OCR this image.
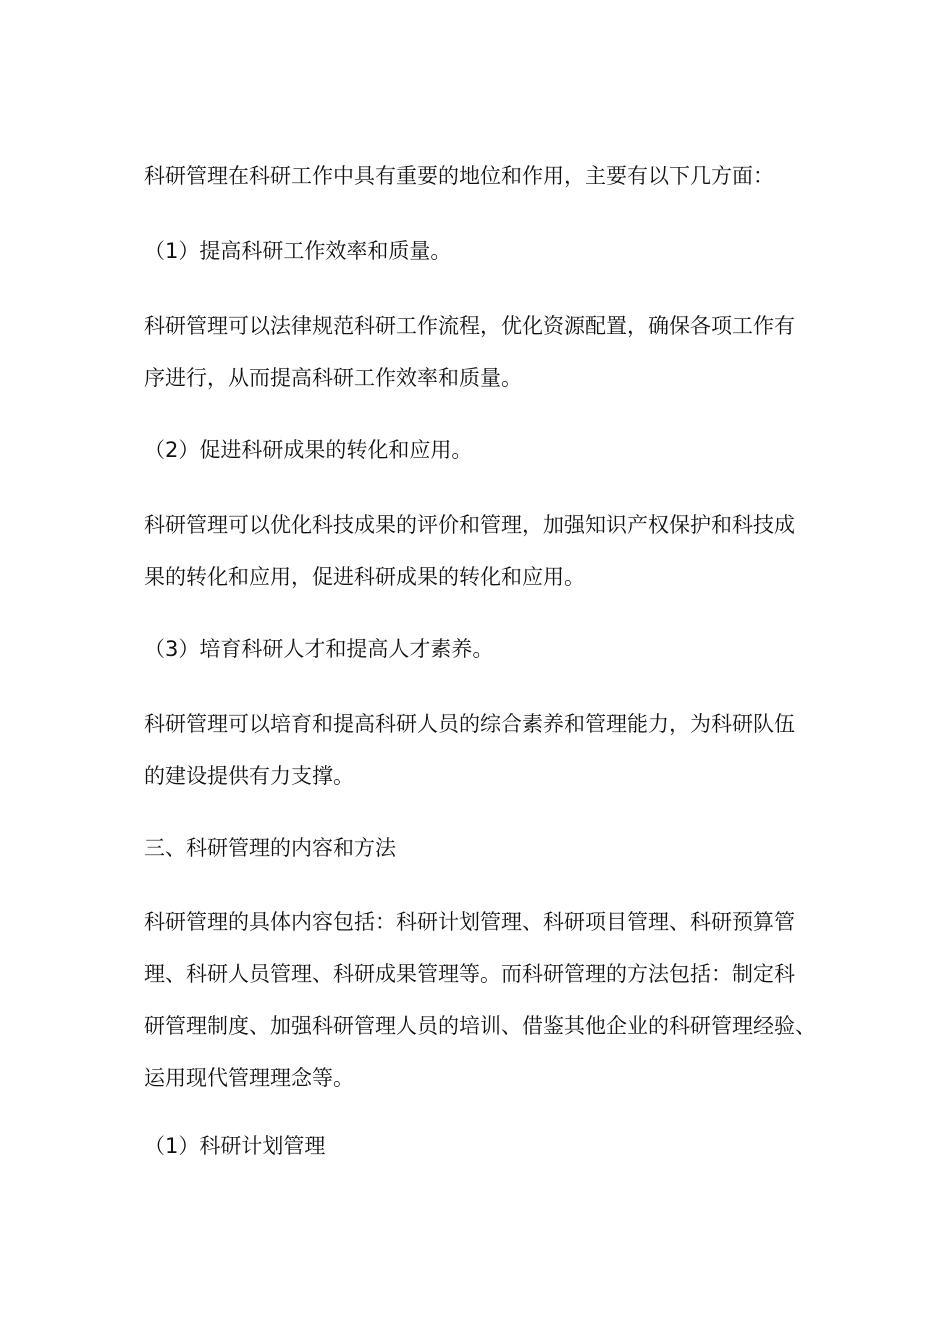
科研管理在科研工作中具有重要的地位和作用，主要有以下几方面：
（1）提高科研工作效率和质量。
科研管理可以法律规范科研工作流程，优化资源配置，确保各项工作有
序进行，从而提高科研工作效率和质量。
（2）促进科研成果的转化和应用。
科研管理可以优化科技成果的评价和管理，加强知识产权保护和科技成
果的转化和应用，促进科研成果的转化和应用。
（3）培育科研人才和提高人才素养。
科研管理可以培育和提高科研人员的综合素养和管理能力，为科研队伍
的建设提供有力支撑。
三、科研管理的内容和方法
科研管理的具体内容包括：科研计划管理、科研项目管理、科研预算管
理、科研人员管理、科研成果管理等。而科研管理的方法包括：制定科
研管理制度、加强科研管理人员的培训、借鉴其他企业的科研管理经验、
运用现代管理理念等。
（1）科研计划管理
